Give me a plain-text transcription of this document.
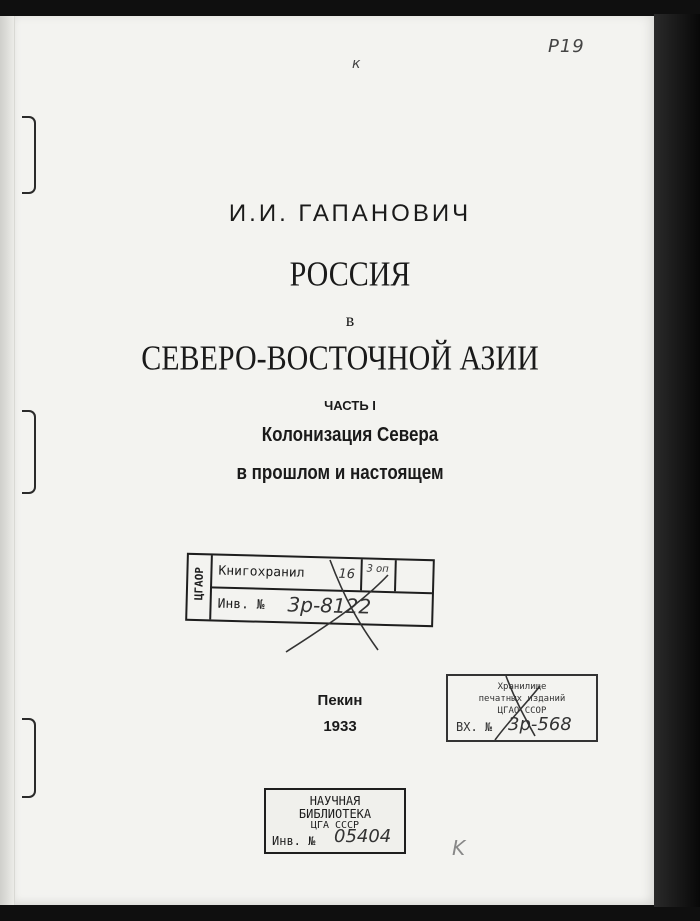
Р19
к
K
И.И. ГАПАНОВИЧ
РОССИЯ
в
СЕВЕРО-ВОСТОЧНОЙ АЗИИ
ЧАСТЬ I
Колонизация Севера
в прошлом и настоящем
Пекин
1933
ЦГАОР Книгохранил	16 3 оп
Инв. № 3р-8122
Хранилище
печатных изданий
ЦГАО ССОР
ВХ. № 3р-568
НАУЧНАЯ
БИБЛИОТЕКА
ЦГА СССР
Инв. № 05404
